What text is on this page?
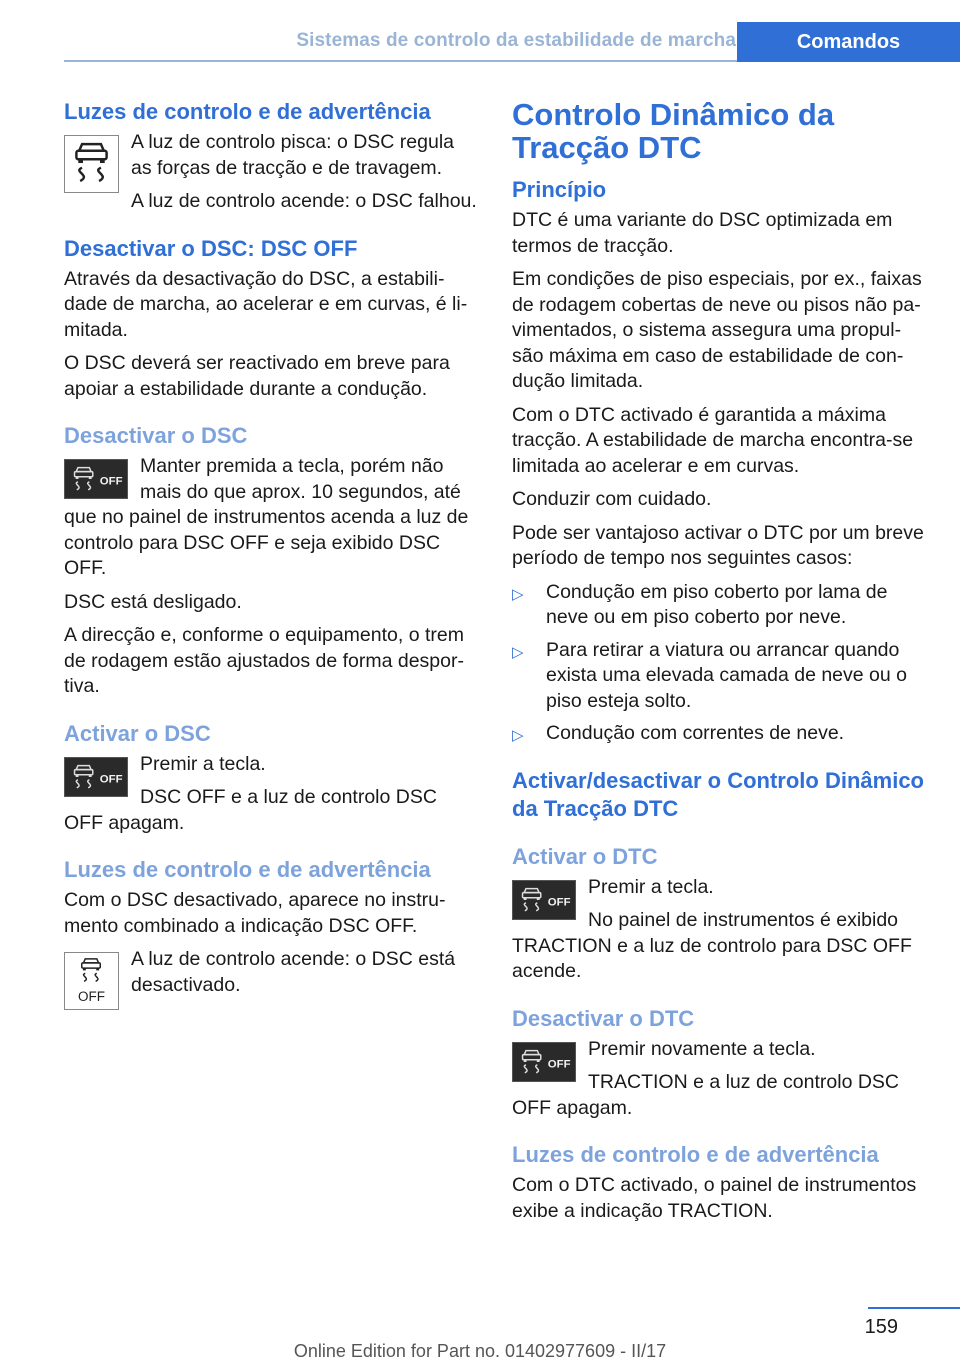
Sistemas de controlo da estabilidade de marcha	Comandos
Luzes de controlo e de advertência

A luz de controlo pisca: o DSC regula as forças de tracção e de travagem.

A luz de controlo acende: o DSC falhou.

Desactivar o DSC: DSC OFF

Através da desactivação do DSC, a estabilidade de marcha, ao acelerar e em curvas, é limitada.

O DSC deverá ser reactivado em breve para apoiar a estabilidade durante a condução.

Desactivar o DSC
OFF

Manter premida a tecla, porém não mais do que aprox. 10 segundos, até que no painel de instrumentos acenda a luz de controlo para DSC OFF e seja exibido DSC OFF.

DSC está desligado.

A direcção e, conforme o equipamento, o trem de rodagem estão ajustados de forma desportiva.

Activar o DSC
OFF

Premir a tecla.

DSC OFF e a luz de controlo DSC OFF apagam.

Luzes de controlo e de advertência

Com o DSC desactivado, aparece no instrumento combinado a indicação DSC OFF.

OFF

A luz de controlo acende: o DSC está desactivado.

Controlo Dinâmico da Tracção DTC
Princípio

DTC é uma variante do DSC optimizada em termos de tracção.

Em condições de piso especiais, por ex., faixas de rodagem cobertas de neve ou pisos não pavimentados, o sistema assegura uma propulsão máxima em caso de estabilidade de condução limitada.

Com o DTC activado é garantida a máxima tracção. A estabilidade de marcha encontra-se limitada ao acelerar e em curvas.

Conduzir com cuidado.

Pode ser vantajoso activar o DTC por um breve período de tempo nos seguintes casos:

▷ Condução em piso coberto por lama de neve ou em piso coberto por neve.
▷ Para retirar a viatura ou arrancar quando exista uma elevada camada de neve ou o piso esteja solto.
▷ Condução com correntes de neve.
Activar/desactivar o Controlo Dinâmico da Tracção DTC
Activar o DTC
OFF

Premir a tecla.

No painel de instrumentos é exibido TRACTION e a luz de controlo para DSC OFF acende.

Desactivar o DTC
OFF

Premir novamente a tecla.

TRACTION e a luz de controlo DSC OFF apagam.

Luzes de controlo e de advertência

Com o DTC activado, o painel de instrumentos exibe a indicação TRACTION.

159
Online Edition for Part no. 01402977609 - II/17
